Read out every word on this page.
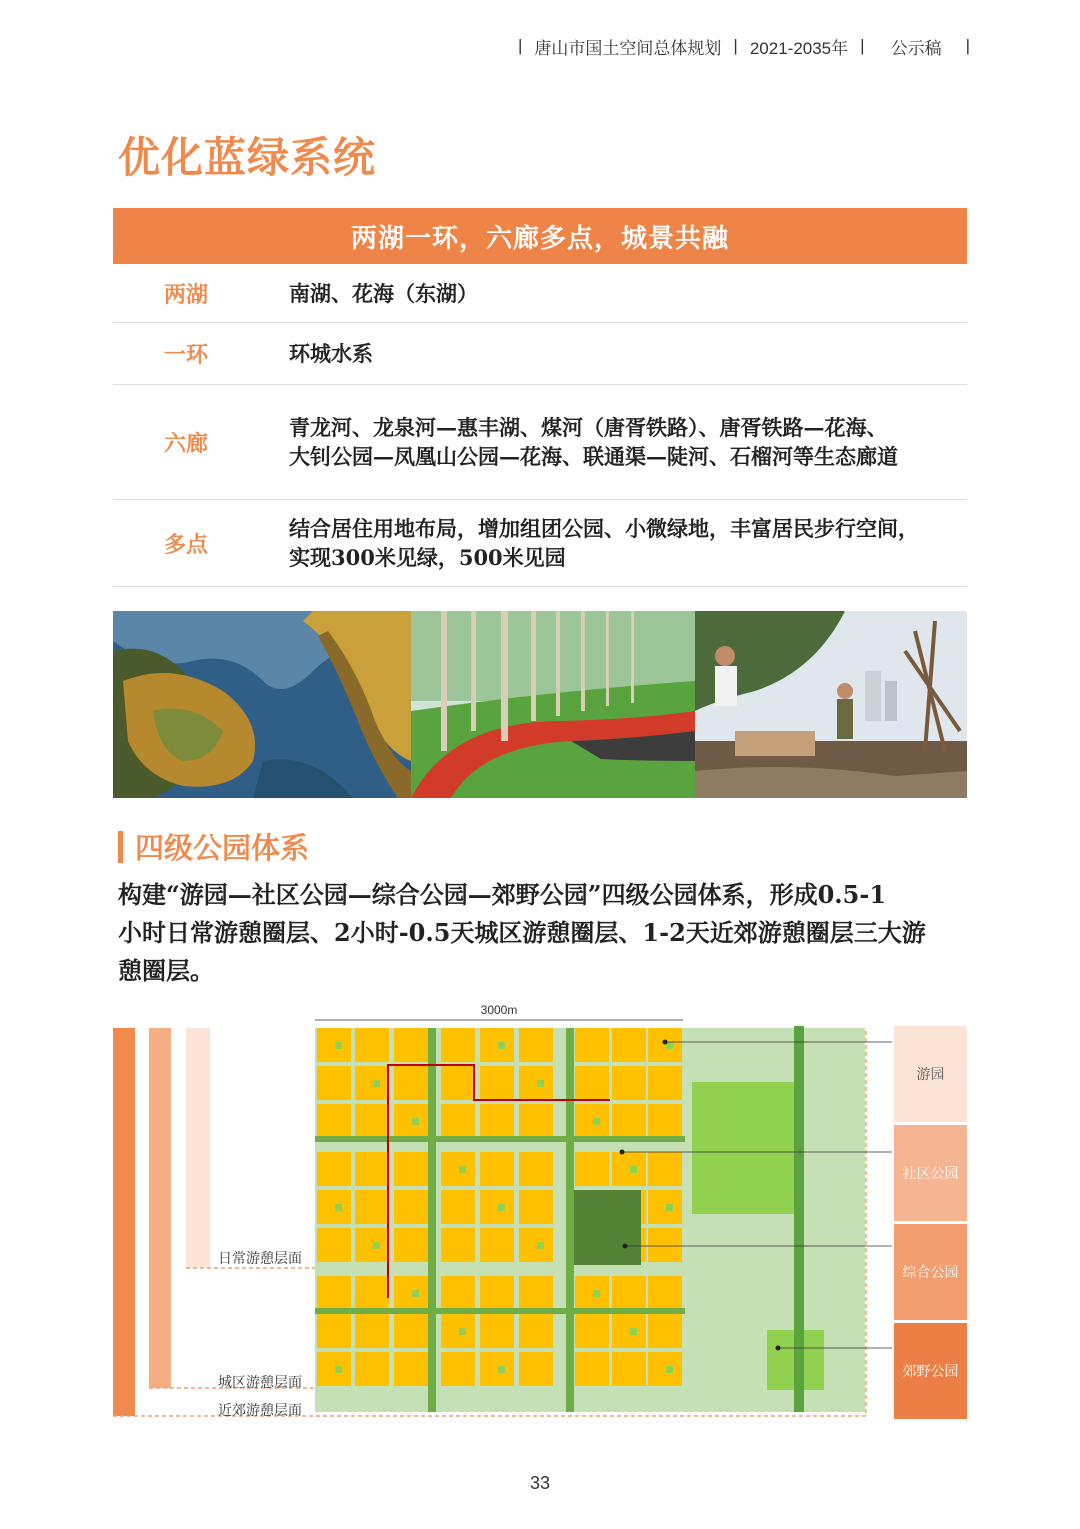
| 唐山市国土空间总体规划 | 2021-2035年 | 公示稿 |
优化蓝绿系统
两湖一环，六廊多点，城景共融
两湖	南湖、花海（东湖）
一环	环城水系
六廊
青龙河、龙泉河—惠丰湖、煤河（唐胥铁路）、唐胥铁路—花海、
大钊公园—凤凰山公园—花海、联通渠—陡河、石榴河等生态廊道
多点
结合居住用地布局，增加组团公园、小微绿地，丰富居民步行空间，
实现300米见绿，500米见园
四级公园体系
构建“游园—社区公园—综合公园—郊野公园”四级公园体系，形成0.5-1
小时日常游憩圈层、2小时-0.5天城区游憩圈层、1-2天近郊游憩圈层三大游
憩圈层。
3000m
日常游憩层面
城区游憩层面
近郊游憩层面
游园
社区公园
综合公园
郊野公园
33
